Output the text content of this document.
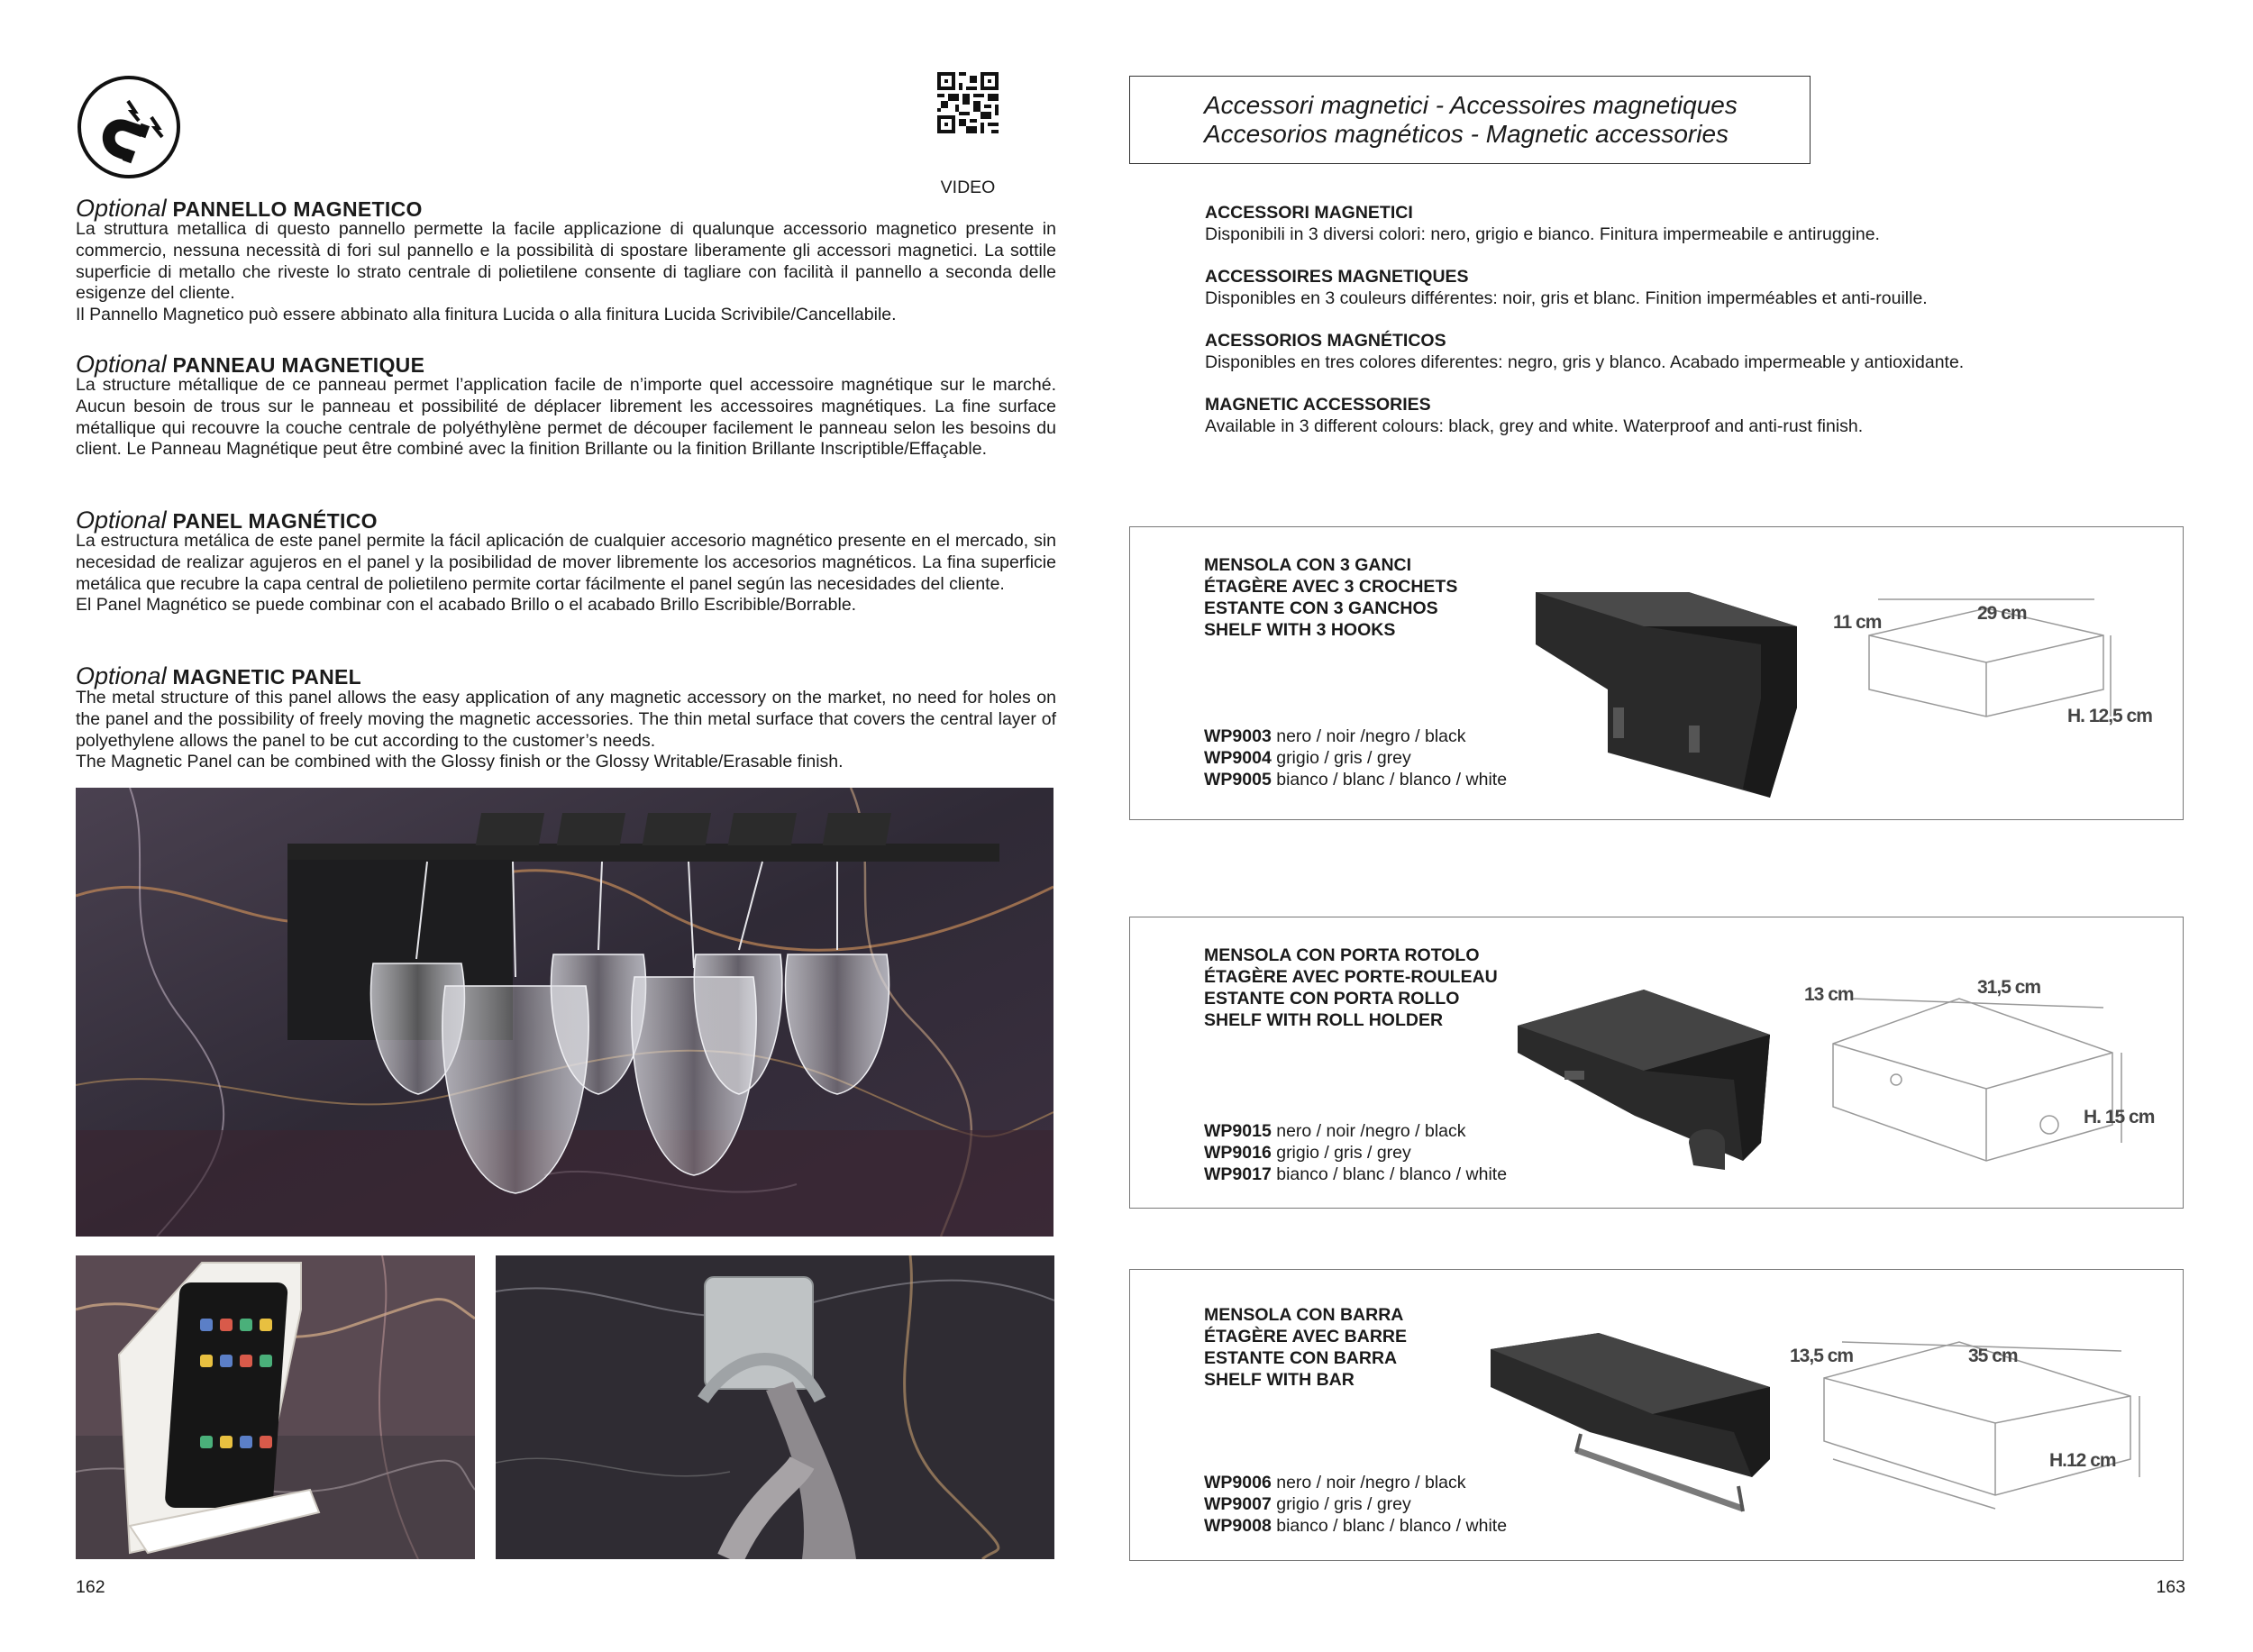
VIDEO
Optional PANNELLO MAGNETICO

La struttura metallica di questo pannello permette la facile applicazione di qualunque accessorio magnetico presente in commercio, nessuna necessità di fori sul pannello e la possibilità di spostare liberamente gli accessori magnetici. La sottile superficie di metallo che riveste lo strato centrale di polietilene consente di tagliare con facilità il pannello a seconda delle esigenze del cliente.

Il Pannello Magnetico può essere abbinato alla finitura Lucida o alla finitura Lucida Scrivibile/Cancellabile.

Optional PANNEAU MAGNETIQUE

La structure métallique de ce panneau permet l’application facile de n’importe quel accessoire magnétique sur le marché. Aucun besoin de trous sur le panneau et possibilité de déplacer librement les accessoires magnétiques. La fine surface métallique qui recouvre la couche centrale de polyéthylène permet de découper facilement le panneau selon les besoins du client. Le Panneau Magnétique peut être combiné avec la finition Brillante ou la finition Brillante Inscriptible/Effaçable.

Optional PANEL MAGNÉTICO

La estructura metálica de este panel permite la fácil aplicación de cualquier accesorio magnético presente en el mercado, sin necesidad de realizar agujeros en el panel y la posibilidad de mover libremente los accesorios magnéticos. La fina superficie metálica que recubre la capa central de polietileno permite cortar fácilmente el panel según las necesidades del cliente.

El Panel Magnético se puede combinar con el acabado Brillo o el acabado Brillo Escribible/Borrable.

Optional MAGNETIC PANEL

The metal structure of this panel allows the easy application of any magnetic accessory on the market, no need for holes on the panel and the possibility of freely moving the magnetic accessories. The thin metal surface that covers the central layer of polyethylene allows the panel to be cut according to the customer’s needs.

The Magnetic Panel can be combined with the Glossy finish or the Glossy Writable/Erasable finish.

162
Accessori magnetici - Accessoires magnetiques
Accesorios magnéticos - Magnetic accessories
ACCESSORI MAGNETICI
Disponibili in 3 diversi colori: nero, grigio e bianco. Finitura impermeabile e antiruggine.
ACCESSOIRES MAGNETIQUES
Disponibles en 3 couleurs différentes: noir, gris et blanc. Finition imperméables et anti-rouille.
ACESSORIOS MAGNÉTICOS
Disponibles en tres colores diferentes: negro, gris y blanco. Acabado impermeable y antioxidante.
MAGNETIC ACCESSORIES
Available in 3 different colours: black, grey and white. Waterproof and anti-rust finish.
MENSOLA CON 3 GANCI
ÉTAGÈRE AVEC 3 CROCHETS
ESTANTE CON 3 GANCHOS
SHELF WITH 3 HOOKS
WP9003 nero / noir /negro / black
WP9004 grigio / gris / grey
WP9005 bianco / blanc / blanco / white
11 cm	29 cm
H. 12,5 cm
MENSOLA CON PORTA ROTOLO
ÉTAGÈRE AVEC PORTE-ROULEAU
ESTANTE CON PORTA ROLLO
SHELF WITH ROLL HOLDER
WP9015 nero / noir /negro / black
WP9016 grigio / gris / grey
WP9017 bianco / blanc / blanco / white
13 cm	31,5 cm
H. 15 cm
MENSOLA CON BARRA
ÉTAGÈRE AVEC BARRE
ESTANTE CON BARRA
SHELF WITH BAR
WP9006 nero / noir /negro / black
WP9007 grigio / gris / grey
WP9008 bianco / blanc / blanco / white
13,5 cm	35 cm
H.12 cm
163
